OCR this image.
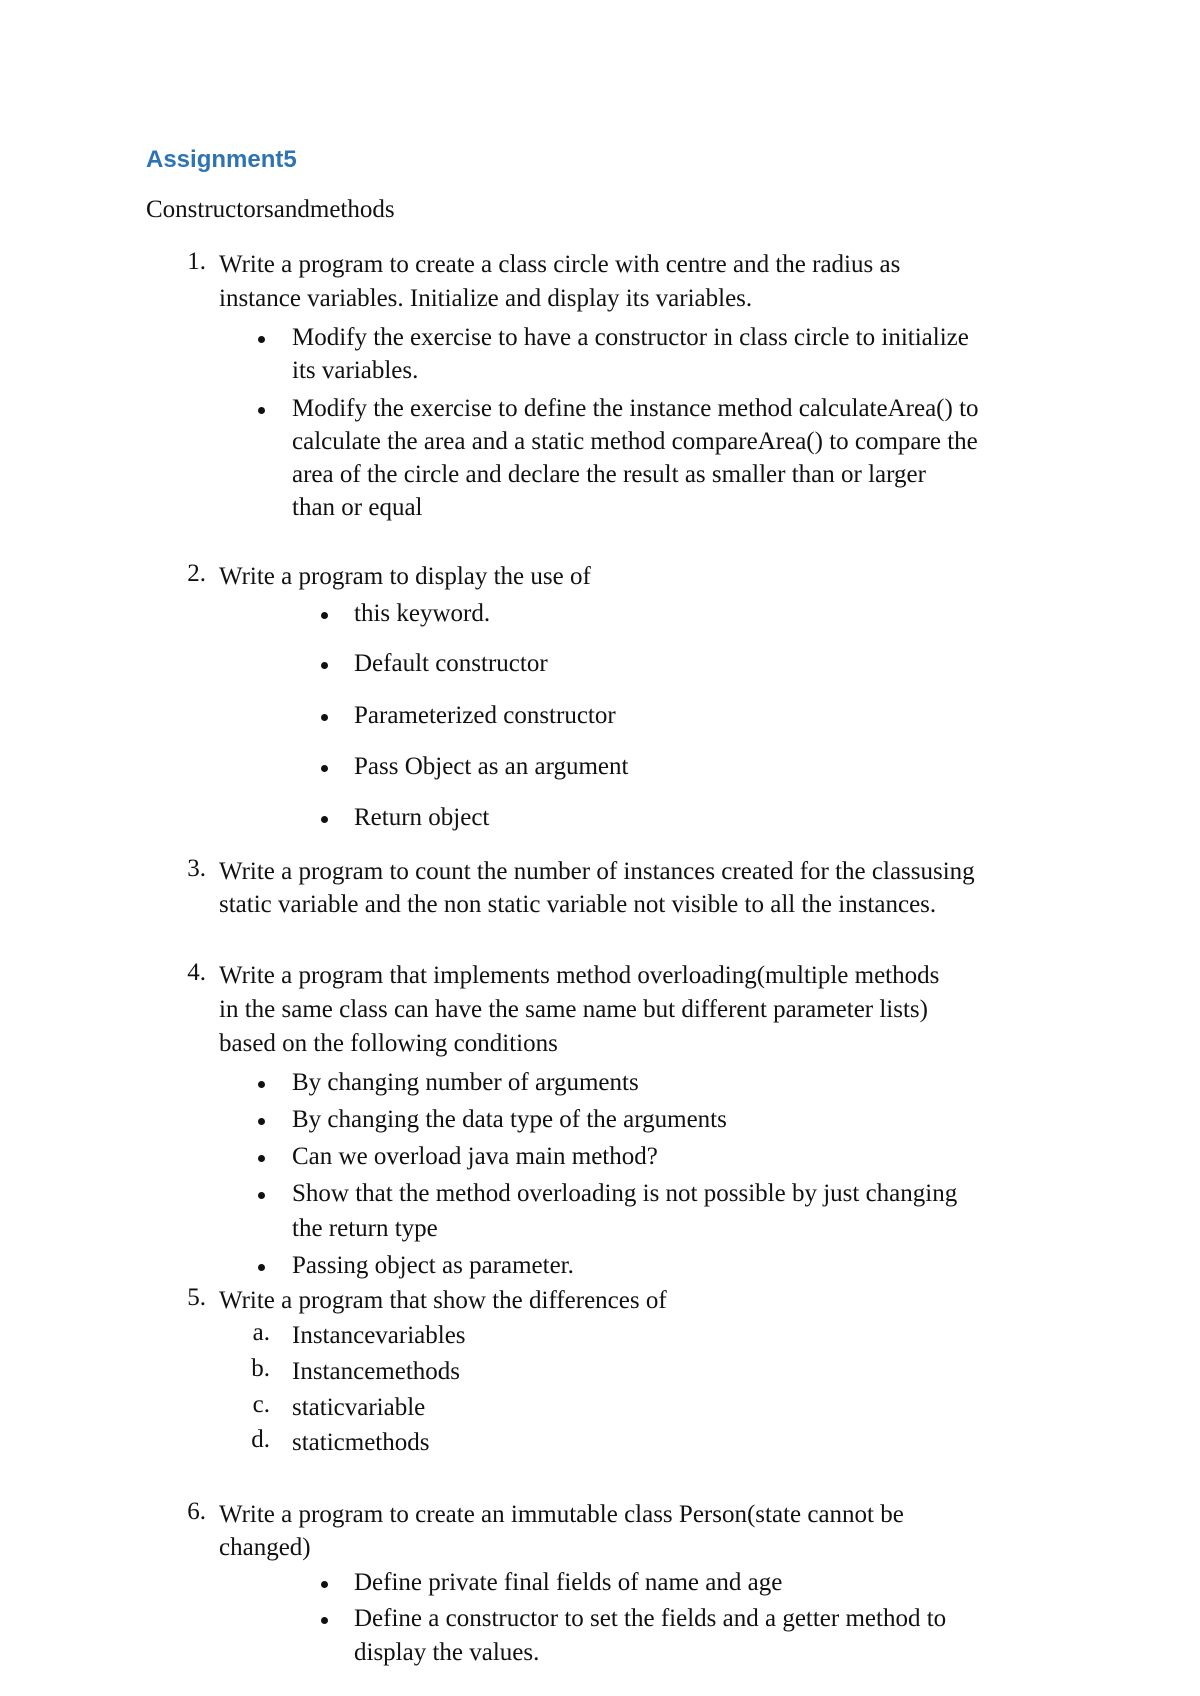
Assignment5
Constructorsandmethods
1. Write a program to create a class circle with centre and the radius as
instance variables. Initialize and display its variables.
Modify the exercise to have a constructor in class circle to initialize
its variables.
Modify the exercise to define the instance method calculateArea() to
calculate the area and a static method compareArea() to compare the
area of the circle and declare the result as smaller than or larger
than or equal
2. Write a program to display the use of
this keyword.
Default constructor
Parameterized constructor
Pass Object as an argument
Return object
3. Write a program to count the number of instances created for the classusing
static variable and the non static variable not visible to all the instances.
4. Write a program that implements method overloading(multiple methods
in the same class can have the same name but different parameter lists)
based on the following conditions
By changing number of arguments
By changing the data type of the arguments
Can we overload java main method?
Show that the method overloading is not possible by just changing
the return type
Passing object as parameter.
5. Write a program that show the differences of
a. Instancevariables
b. Instancemethods
c. staticvariable
d. staticmethods
6. Write a program to create an immutable class Person(state cannot be
changed)
Define private final fields of name and age
Define a constructor to set the fields and a getter method to
display the values.
